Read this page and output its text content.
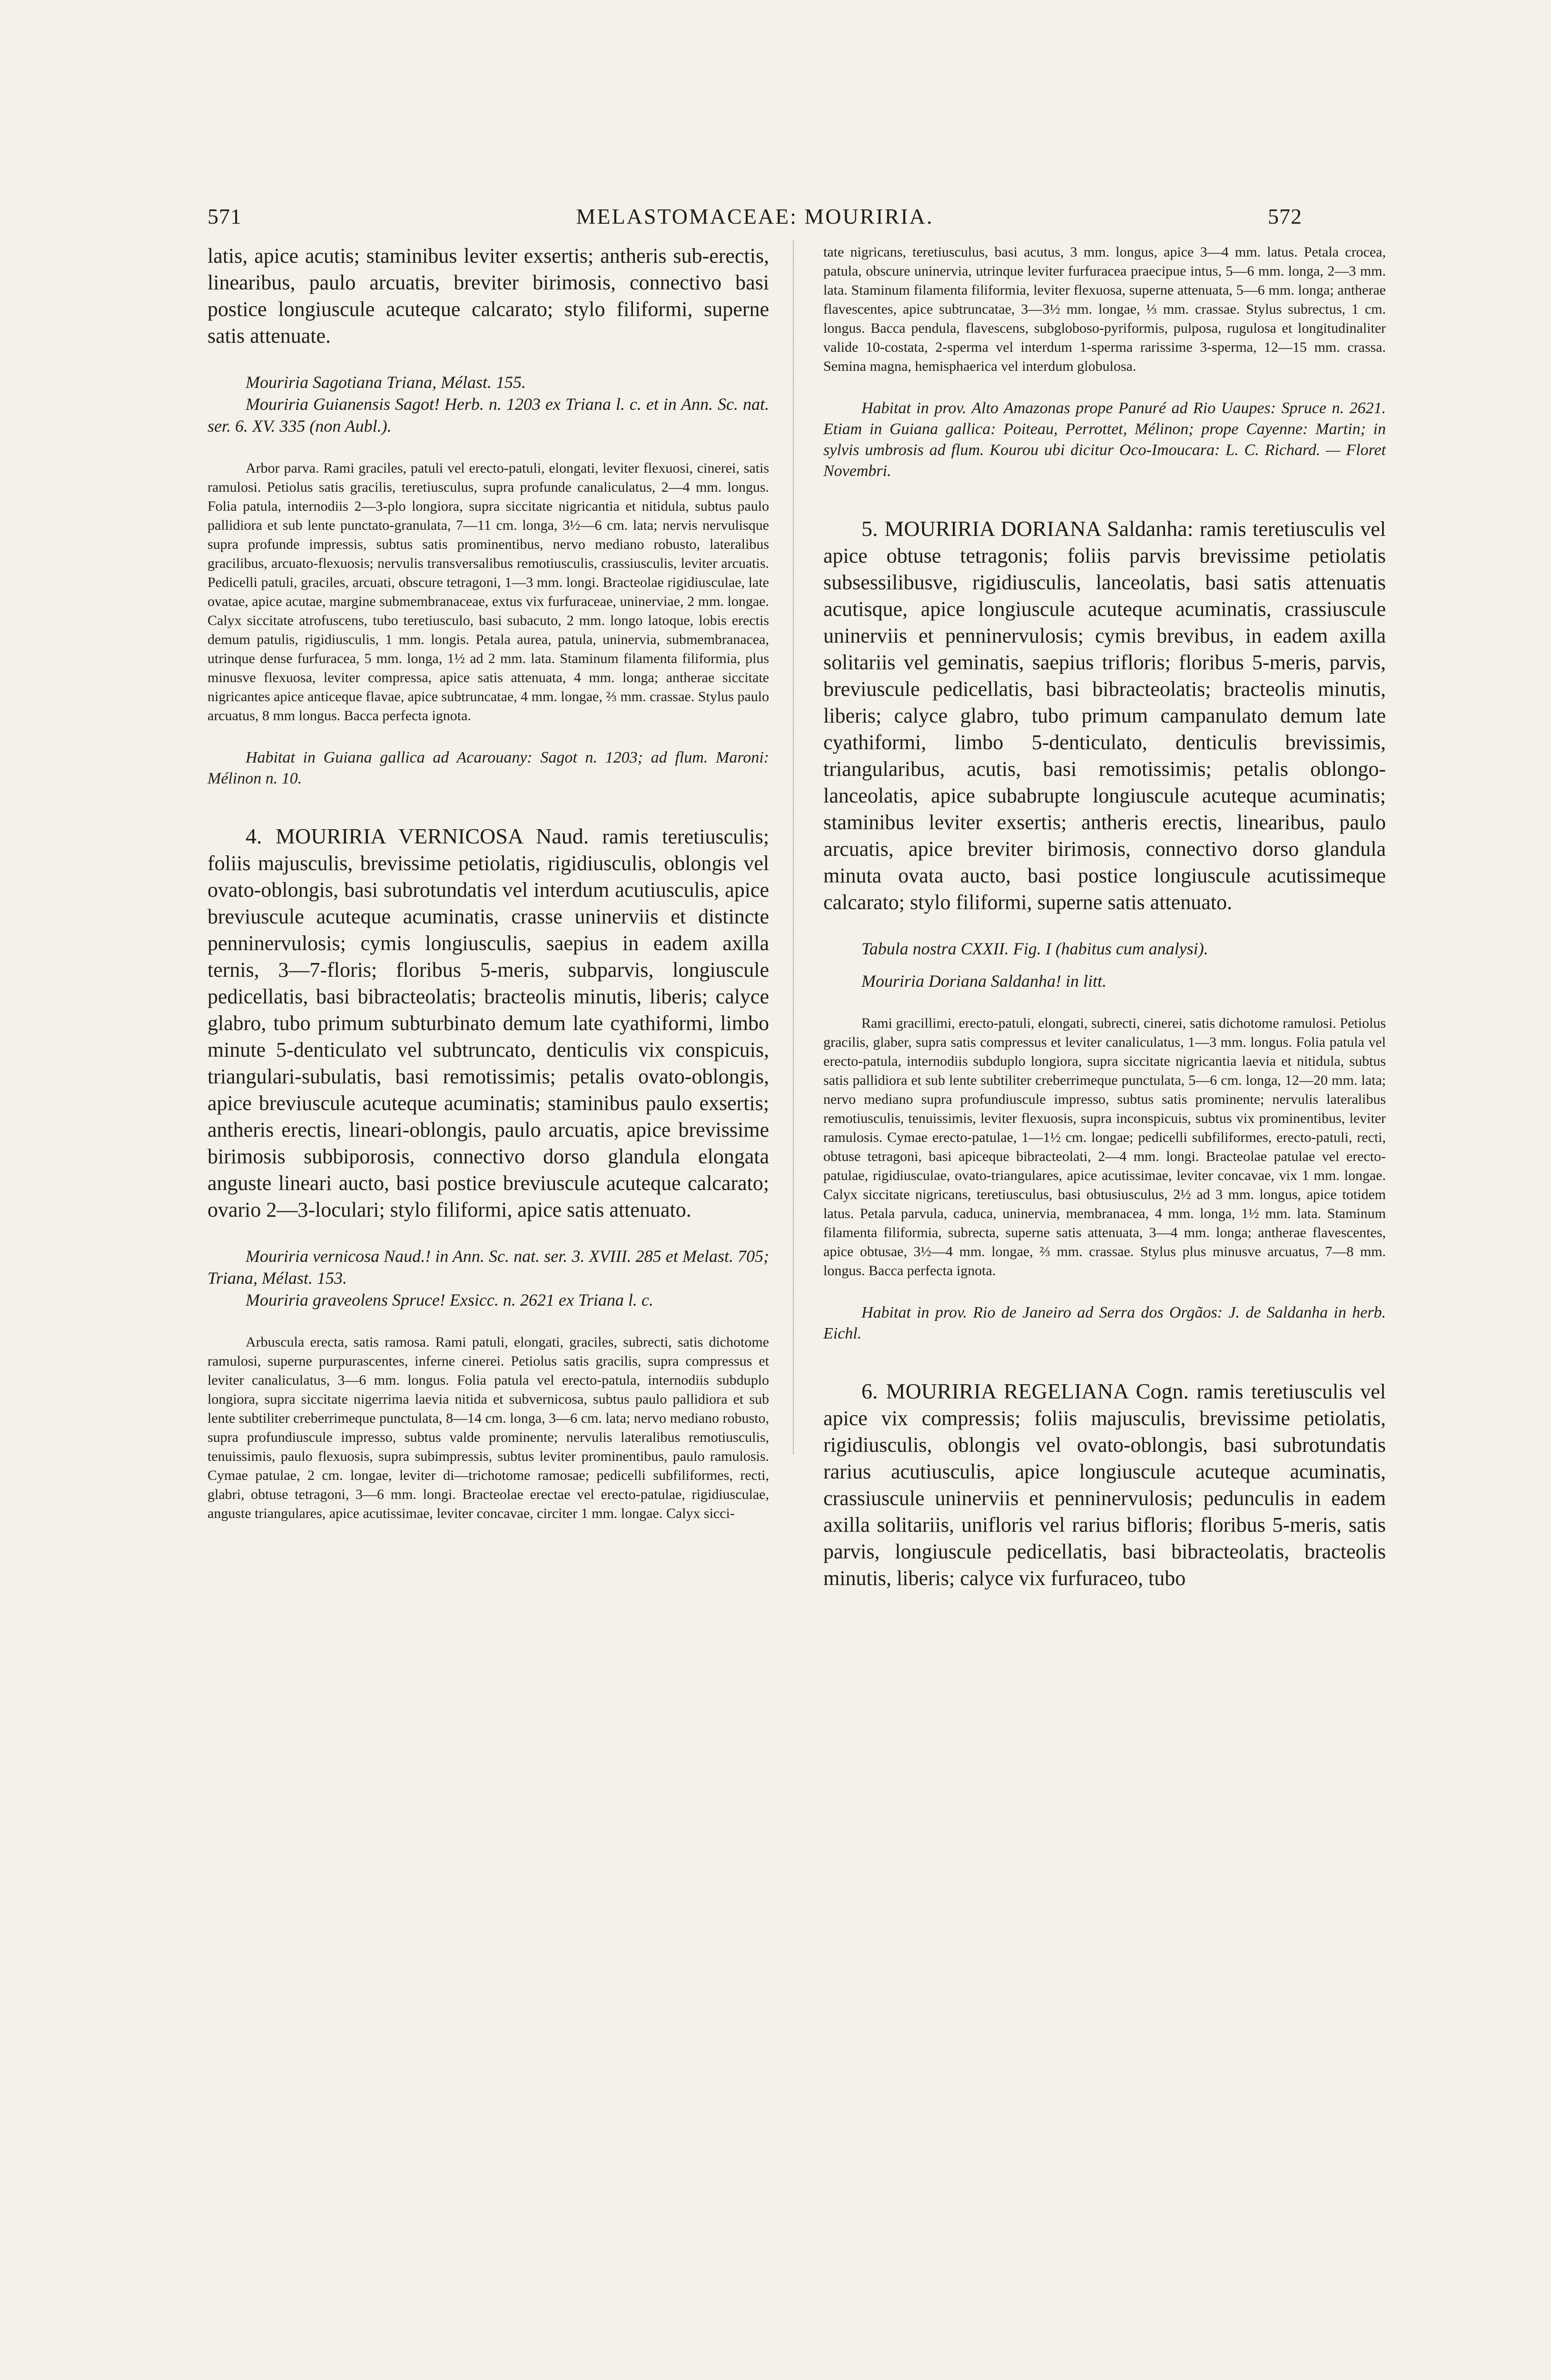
571	MELASTOMACEAE: MOURIRIA.	572

latis, apice acutis; staminibus leviter exsertis; antheris sub-erectis, linearibus, paulo arcuatis, breviter birimosis, connectivo basi postice longiuscule acuteque calcarato; stylo filiformi, superne satis attenuate.

Mouriria Sagotiana Triana, Mélast. 155.

Mouriria Guianensis Sagot! Herb. n. 1203 ex Triana l. c. et in Ann. Sc. nat. ser. 6. XV. 335 (non Aubl.).

Arbor parva. Rami graciles, patuli vel erecto-patuli, elongati, leviter flexuosi, cinerei, satis ramulosi. Petiolus satis gracilis, teretiusculus, supra profunde canaliculatus, 2—4 mm. longus. Folia patula, internodiis 2—3-plo longiora, supra siccitate nigricantia et nitidula, subtus paulo pallidiora et sub lente punctato-granulata, 7—11 cm. longa, 3½—6 cm. lata; nervis nervulisque supra profunde impressis, subtus satis prominentibus, nervo mediano robusto, lateralibus gracilibus, arcuato-flexuosis; nervulis transversalibus remotiusculis, crassiusculis, leviter arcuatis. Pedicelli patuli, graciles, arcuati, obscure tetragoni, 1—3 mm. longi. Bracteolae rigidiusculae, late ovatae, apice acutae, margine submembranaceae, extus vix furfuraceae, uninerviae, 2 mm. longae. Calyx siccitate atrofuscens, tubo teretiusculo, basi subacuto, 2 mm. longo latoque, lobis erectis demum patulis, rigidiusculis, 1 mm. longis. Petala aurea, patula, uninervia, submembranacea, utrinque dense furfuracea, 5 mm. longa, 1½ ad 2 mm. lata. Staminum filamenta filiformia, plus minusve flexuosa, leviter compressa, apice satis attenuata, 4 mm. longa; antherae siccitate nigricantes apice anticeque flavae, apice subtruncatae, 4 mm. longae, ⅔ mm. crassae. Stylus paulo arcuatus, 8 mm longus. Bacca perfecta ignota.

Habitat in Guiana gallica ad Acarouany: Sagot n. 1203; ad flum. Maroni: Mélinon n. 10.

4. MOURIRIA VERNICOSA Naud. ramis teretiusculis; foliis majusculis, brevissime petiolatis, rigidiusculis, oblongis vel ovato-oblongis, basi subrotundatis vel interdum acutiusculis, apice breviuscule acuteque acuminatis, crasse uninerviis et distincte penninervulosis; cymis longiusculis, saepius in eadem axilla ternis, 3—7-floris; floribus 5-meris, subparvis, longiuscule pedicellatis, basi bibracteolatis; bracteolis minutis, liberis; calyce glabro, tubo primum subturbinato demum late cyathiformi, limbo minute 5-denticulato vel subtruncato, denticulis vix conspicuis, triangulari-subulatis, basi remotissimis; petalis ovato-oblongis, apice breviuscule acuteque acuminatis; staminibus paulo exsertis; antheris erectis, lineari-oblongis, paulo arcuatis, apice brevissime birimosis subbiporosis, connectivo dorso glandula elongata anguste lineari aucto, basi postice breviuscule acuteque calcarato; ovario 2—3-loculari; stylo filiformi, apice satis attenuato.

Mouriria vernicosa Naud.! in Ann. Sc. nat. ser. 3. XVIII. 285 et Melast. 705; Triana, Mélast. 153.

Mouriria graveolens Spruce! Exsicc. n. 2621 ex Triana l. c.

Arbuscula erecta, satis ramosa. Rami patuli, elongati, graciles, subrecti, satis dichotome ramulosi, superne purpurascentes, inferne cinerei. Petiolus satis gracilis, supra compressus et leviter canaliculatus, 3—6 mm. longus. Folia patula vel erecto-patula, internodiis subduplo longiora, supra siccitate nigerrima laevia nitida et subvernicosa, subtus paulo pallidiora et sub lente subtiliter creberrimeque punctulata, 8—14 cm. longa, 3—6 cm. lata; nervo mediano robusto, supra profundiuscule impresso, subtus valde prominente; nervulis lateralibus remotiusculis, tenuissimis, paulo flexuosis, supra subimpressis, subtus leviter prominentibus, paulo ramulosis. Cymae patulae, 2 cm. longae, leviter di—trichotome ramosae; pedicelli subfiliformes, recti, glabri, obtuse tetragoni, 3—6 mm. longi. Bracteolae erectae vel erecto-patulae, rigidiusculae, anguste triangulares, apice acutissimae, leviter concavae, circiter 1 mm. longae. Calyx sicci-

tate nigricans, teretiusculus, basi acutus, 3 mm. longus, apice 3—4 mm. latus. Petala crocea, patula, obscure uninervia, utrinque leviter furfuracea praecipue intus, 5—6 mm. longa, 2—3 mm. lata. Staminum filamenta filiformia, leviter flexuosa, superne attenuata, 5—6 mm. longa; antherae flavescentes, apice subtruncatae, 3—3½ mm. longae, ⅓ mm. crassae. Stylus subrectus, 1 cm. longus. Bacca pendula, flavescens, subgloboso-pyriformis, pulposa, rugulosa et longitudinaliter valide 10-costata, 2-sperma vel interdum 1-sperma rarissime 3-sperma, 12—15 mm. crassa. Semina magna, hemisphaerica vel interdum globulosa.

Habitat in prov. Alto Amazonas prope Panuré ad Rio Uaupes: Spruce n. 2621. Etiam in Guiana gallica: Poiteau, Perrottet, Mélinon; prope Cayenne: Martin; in sylvis umbrosis ad flum. Kourou ubi dicitur Oco-Imoucara: L. C. Richard. — Floret Novembri.

5. MOURIRIA DORIANA Saldanha: ramis teretiusculis vel apice obtuse tetragonis; foliis parvis brevissime petiolatis subsessilibusve, rigidiusculis, lanceolatis, basi satis attenuatis acutisque, apice longiuscule acuteque acuminatis, crassiuscule uninerviis et penninervulosis; cymis brevibus, in eadem axilla solitariis vel geminatis, saepius trifloris; floribus 5-meris, parvis, breviuscule pedicellatis, basi bibracteolatis; bracteolis minutis, liberis; calyce glabro, tubo primum campanulato demum late cyathiformi, limbo 5-denticulato, denticulis brevissimis, triangularibus, acutis, basi remotissimis; petalis oblongo-lanceolatis, apice subabrupte longiuscule acuteque acuminatis; staminibus leviter exsertis; antheris erectis, linearibus, paulo arcuatis, apice breviter birimosis, connectivo dorso glandula minuta ovata aucto, basi postice longiuscule acutissimeque calcarato; stylo filiformi, superne satis attenuato.

Tabula nostra CXXII. Fig. I (habitus cum analysi).

Mouriria Doriana Saldanha! in litt.

Rami gracillimi, erecto-patuli, elongati, subrecti, cinerei, satis dichotome ramulosi. Petiolus gracilis, glaber, supra satis compressus et leviter canaliculatus, 1—3 mm. longus. Folia patula vel erecto-patula, internodiis subduplo longiora, supra siccitate nigricantia laevia et nitidula, subtus satis pallidiora et sub lente subtiliter creberrimeque punctulata, 5—6 cm. longa, 12—20 mm. lata; nervo mediano supra profundiuscule impresso, subtus satis prominente; nervulis lateralibus remotiusculis, tenuissimis, leviter flexuosis, supra inconspicuis, subtus vix prominentibus, leviter ramulosis. Cymae erecto-patulae, 1—1½ cm. longae; pedicelli subfiliformes, erecto-patuli, recti, obtuse tetragoni, basi apiceque bibracteolati, 2—4 mm. longi. Bracteolae patulae vel erecto-patulae, rigidiusculae, ovato-triangulares, apice acutissimae, leviter concavae, vix 1 mm. longae. Calyx siccitate nigricans, teretiusculus, basi obtusiusculus, 2½ ad 3 mm. longus, apice totidem latus. Petala parvula, caduca, uninervia, membranacea, 4 mm. longa, 1½ mm. lata. Staminum filamenta filiformia, subrecta, superne satis attenuata, 3—4 mm. longa; antherae flavescentes, apice obtusae, 3½—4 mm. longae, ⅔ mm. crassae. Stylus plus minusve arcuatus, 7—8 mm. longus. Bacca perfecta ignota.

Habitat in prov. Rio de Janeiro ad Serra dos Orgãos: J. de Saldanha in herb. Eichl.

6. MOURIRIA REGELIANA Cogn. ramis teretiusculis vel apice vix compressis; foliis majusculis, brevissime petiolatis, rigidiusculis, oblongis vel ovato-oblongis, basi subrotundatis rarius acutiusculis, apice longiuscule acuteque acuminatis, crassiuscule uninerviis et penninervulosis; pedunculis in eadem axilla solitariis, unifloris vel rarius bifloris; floribus 5-meris, satis parvis, longiuscule pedicellatis, basi bibracteolatis, bracteolis minutis, liberis; calyce vix furfuraceo, tubo
